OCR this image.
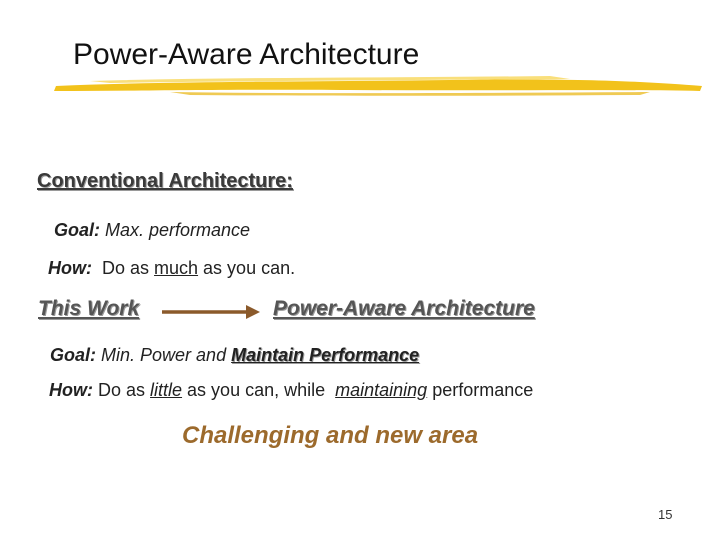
Power-Aware Architecture
Conventional Architecture:
Goal: Max. performance
How:  Do as much as you can.
This Work	Power-Aware Architecture
Goal: Min. Power and Maintain Performance
How: Do as little as you can, while  maintaining performance
Challenging and new area
15
